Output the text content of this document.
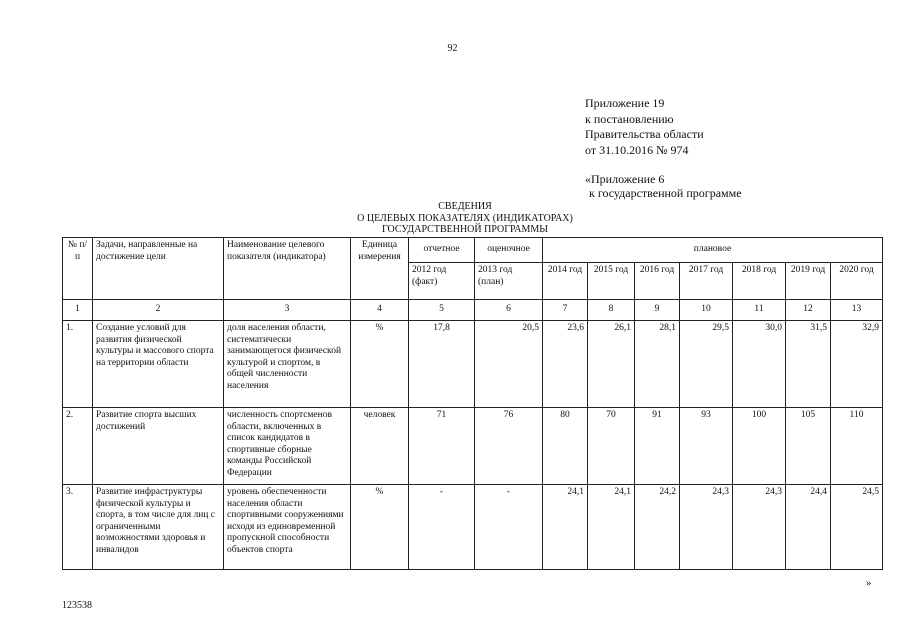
92
Приложение 19
к постановлению
Правительства области
от 31.10.2016 № 974
«Приложение 6
к государственной программе
СВЕДЕНИЯ
О ЦЕЛЕВЫХ ПОКАЗАТЕЛЯХ (ИНДИКАТОРАХ)
ГОСУДАРСТВЕННОЙ ПРОГРАММЫ
№ п/п	Задачи, направленные на достижение цели	Наименование целевого показателя (индикатора)	Единица измерения	отчетное	оценочное	плановое						
				2012 год (факт)	2013 год (план)	2014 год	2015 год	2016 год	2017 год	2018 год	2019 год	2020 год
1	2	3	4	5	6	7	8	9	10	11	12	13
1.	Создание условий для развития физической культуры и массового спорта на территории области	доля населения области, систематически занимающегося физической культурой и спортом, в общей численности населения	%	17,8	20,5	23,6	26,1	28,1	29,5	30,0	31,5	32,9
2.	Развитие спорта высших достижений	численность спортсменов области, включенных в список кандидатов в спортивные сборные команды Российской Федерации	человек	71	76	80	70	91	93	100	105	110
3.	Развитие инфраструктуры физической культуры и спорта, в том числе для лиц с ограниченными возможностями здоровья и инвалидов	уровень обеспеченности населения области спортивными сооружениями исходя из единовременной пропускной способности объектов спорта	%	-	-	24,1	24,1	24,2	24,3	24,3	24,4	24,5
»
123538
